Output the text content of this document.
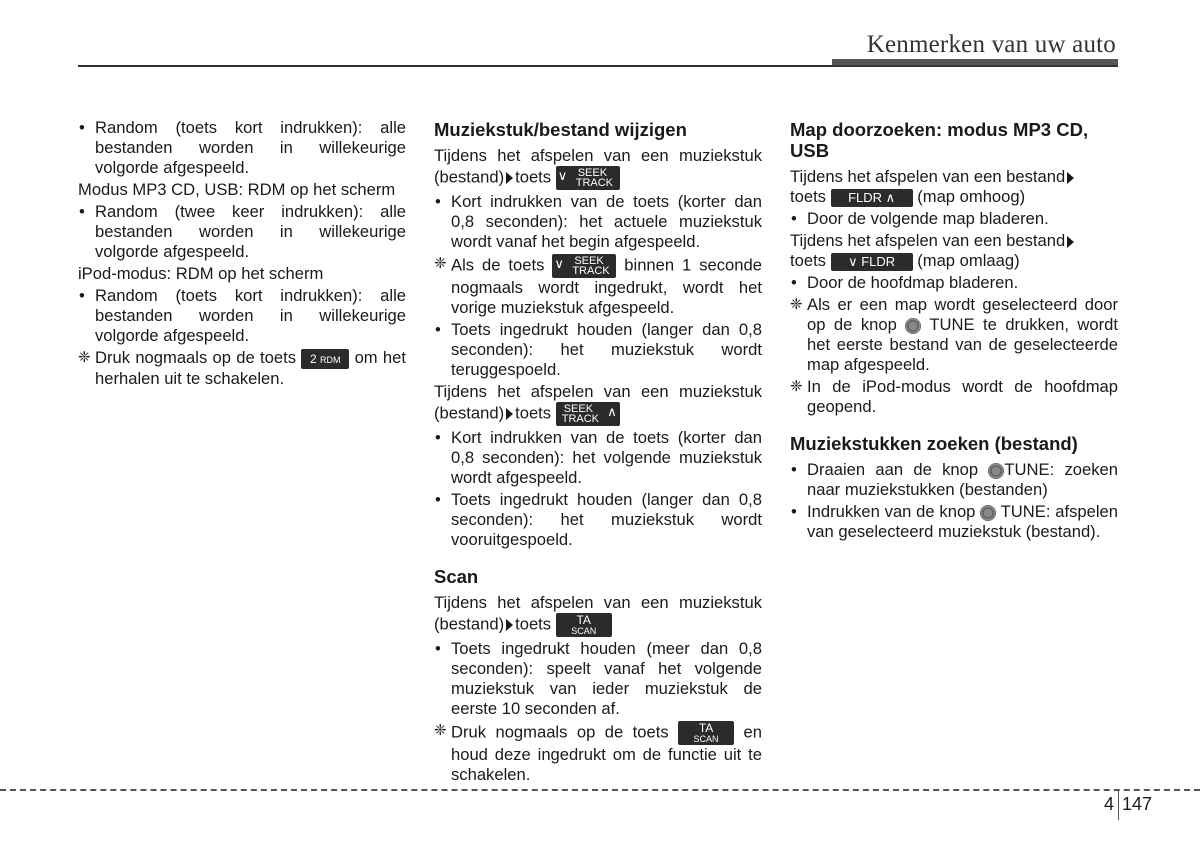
Kenmerken van uw auto
• Random (toets kort indrukken): alle bestanden worden in willekeurige volgorde afgespeeld.

Modus MP3 CD, USB: RDM op het scherm

• Random (twee keer indrukken): alle bestanden worden in willekeurige volgorde afgespeeld.

iPod-modus: RDM op het scherm

• Random (toets kort indrukken): alle bestanden worden in willekeurige volgorde afgespeeld.
❈ Druk nogmaals op de toets 2 RDM om het herhalen uit te schakelen.
Muziekstuk/bestand wijzigen

Tijdens het afspelen van een muziekstuk (bestand) toets ∨ SEEK
TRACK

• Kort indrukken van de toets (korter dan 0,8 seconden): het actuele muziekstuk wordt vanaf het begin afgespeeld.
❈ Als de toets ∨ SEEK
TRACK binnen 1 seconde nogmaals wordt ingedrukt, wordt het vorige muziekstuk afgespeeld.
• Toets ingedrukt houden (langer dan 0,8 seconden): het muziekstuk wordt teruggespoeld.

Tijdens het afspelen van een muziekstuk (bestand) toets SEEK
TRACK ∧

• Kort indrukken van de toets (korter dan 0,8 seconden): het volgende muziekstuk wordt afgespeeld.
• Toets ingedrukt houden (langer dan 0,8 seconden): het muziekstuk wordt vooruitgespoeld.
Scan

Tijdens het afspelen van een muziekstuk (bestand) toets	TA
SCAN

• Toets ingedrukt houden (meer dan 0,8 seconden): speelt vanaf het volgende muziekstuk van ieder muziekstuk de eerste 10 seconden af.
❈ Druk nogmaals op de toets	TA
SCAN	en houd deze ingedrukt om de functie uit te schakelen.
Map doorzoeken: modus MP3 CD, USB

Tijdens het afspelen van een bestand
toets FLDR ∧ (map omhoog)

• Door de volgende map bladeren.

Tijdens het afspelen van een bestand
toets ∨ FLDR (map omlaag)

• Door de hoofdmap bladeren.
❈ Als er een map wordt geselecteerd door op de knop TUNE te drukken, wordt het eerste bestand van de geselecteerde map afgespeeld.
❈ In de iPod-modus wordt de hoofdmap geopend.
Muziekstukken zoeken (bestand)
• Draaien aan de knop TUNE: zoeken naar muziekstukken (bestanden)
• Indrukken van de knop TUNE: afspelen van geselecteerd muziekstuk (bestand).
4 147
